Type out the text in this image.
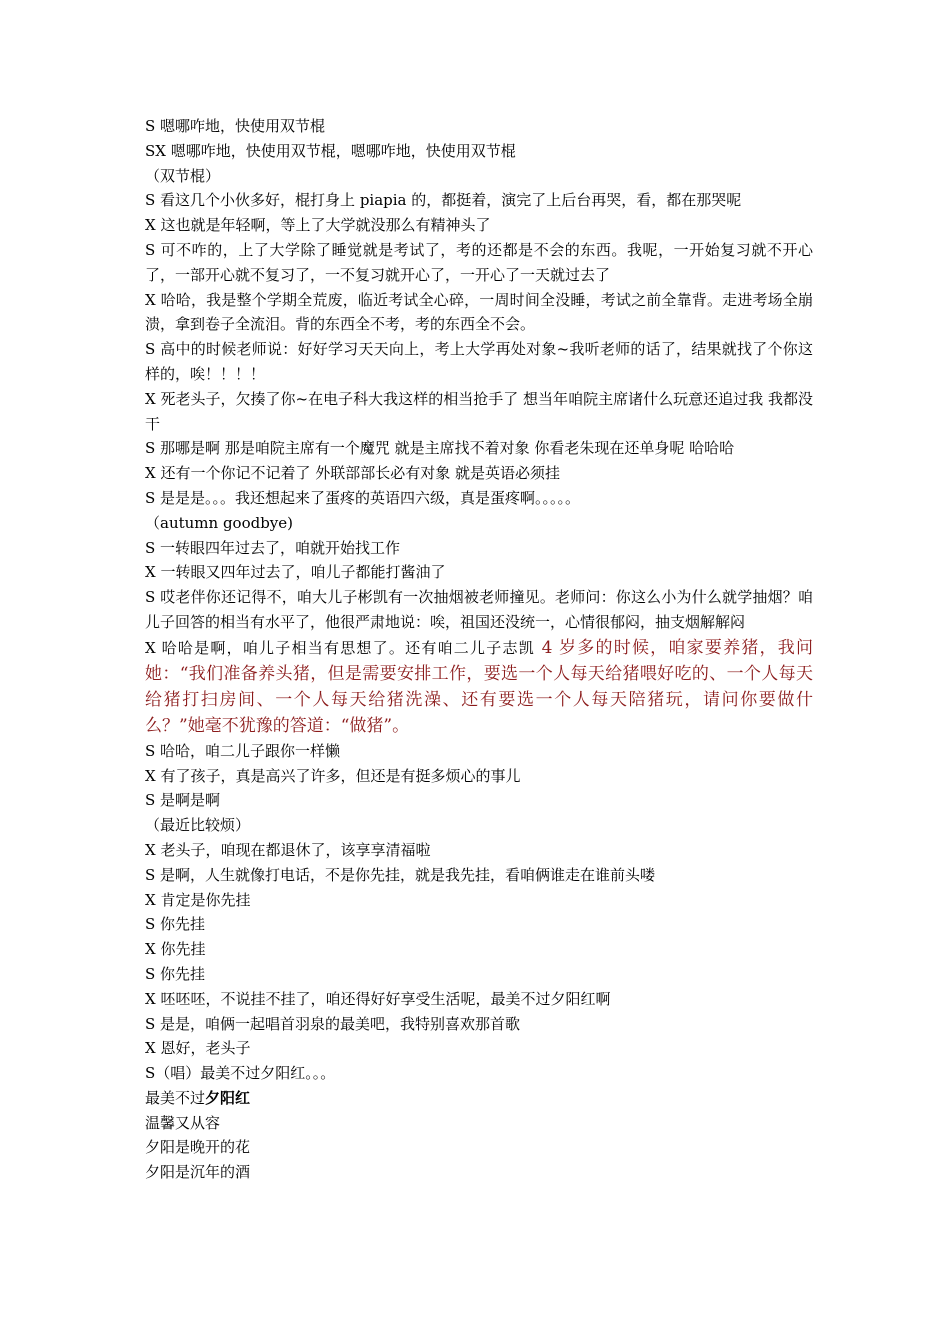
S 嗯哪咋地，快使用双节棍

SX 嗯哪咋地，快使用双节棍，嗯哪咋地，快使用双节棍

（双节棍）

S 看这几个小伙多好，棍打身上 piapia 的，都挺着，演完了上后台再哭，看，都在那哭呢

X 这也就是年轻啊，等上了大学就没那么有精神头了

S 可不咋的，上了大学除了睡觉就是考试了，考的还都是不会的东西。我呢，一开始复习就不开心了，一部开心就不复习了，一不复习就开心了，一开心了一天就过去了

X 哈哈，我是整个学期全荒废，临近考试全心碎，一周时间全没睡，考试之前全靠背。走进考场全崩溃，拿到卷子全流泪。背的东西全不考，考的东西全不会。

S 高中的时候老师说：好好学习天天向上，考上大学再处对象~我听老师的话了，结果就找了个你这样的，唉！！！！

X 死老头子，欠揍了你~在电子科大我这样的相当抢手了 想当年咱院主席诸什么玩意还追过我 我都没干

S 那哪是啊 那是咱院主席有一个魔咒 就是主席找不着对象 你看老朱现在还单身呢 哈哈哈

X 还有一个你记不记着了 外联部部长必有对象 就是英语必须挂

S 是是是。。。我还想起来了蛋疼的英语四六级，真是蛋疼啊。。。。。

（autumn goodbye)

S 一转眼四年过去了，咱就开始找工作

X 一转眼又四年过去了，咱儿子都能打酱油了

S 哎老伴你还记得不，咱大儿子彬凯有一次抽烟被老师撞见。老师问：你这么小为什么就学抽烟？咱儿子回答的相当有水平了，他很严肃地说：唉，祖国还没统一，心情很郁闷，抽支烟解解闷

X 哈哈是啊，咱儿子相当有思想了。还有咱二儿子志凯 4 岁多的时候，咱家要养猪，我问她：“我们准备养头猪，但是需要安排工作，要选一个人每天给猪喂好吃的、一个人每天给猪打扫房间、一个人每天给猪洗澡、还有要选一个人每天陪猪玩，请问你要做什么？”她毫不犹豫的答道：“做猪”。

S 哈哈，咱二儿子跟你一样懒

X 有了孩子，真是高兴了许多，但还是有挺多烦心的事儿

S 是啊是啊

（最近比较烦）

X 老头子，咱现在都退休了，该享享清福啦

S 是啊，人生就像打电话，不是你先挂，就是我先挂，看咱俩谁走在谁前头喽

X 肯定是你先挂

S 你先挂

X 你先挂

S 你先挂

X 呸呸呸，不说挂不挂了，咱还得好好享受生活呢，最美不过夕阳红啊

S 是是，咱俩一起唱首羽泉的最美吧，我特别喜欢那首歌

X 恩好，老头子

S（唱）最美不过夕阳红。。。

最美不过夕阳红

温馨又从容

夕阳是晚开的花

夕阳是沉年的酒
